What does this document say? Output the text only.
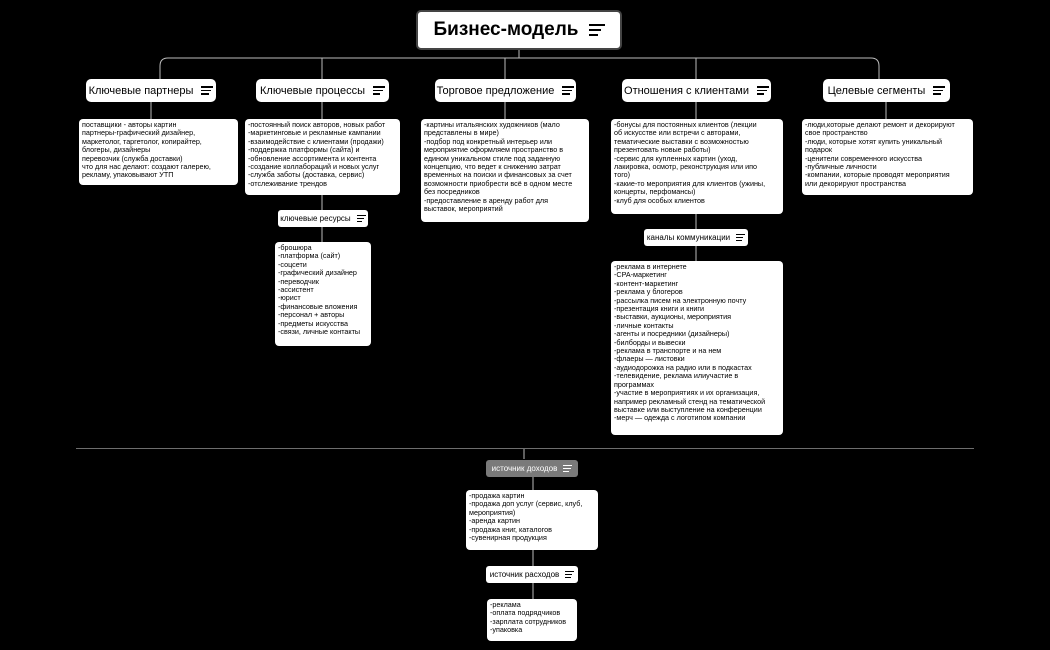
Бизнес-модель
Ключевые партнеры
поставщики - авторы картин
партнеры-графический дизайнер,
маркетолог, таргетолог, копирайтер,
блогеры, дизайнеры
перевозчик (служба доставки)
что для нас делают: создают галерею,
рекламу, упаковывают УТП
Ключевые процессы
-постоянный поиск авторов, новых работ
-маркетинговые и рекламные кампании
-взаимодействие с клиентами (продажи)
-поддержка платформы (сайта) и
-обновление ассортимента и контента
-создание коллабораций и новых услуг
-служба заботы (доставка, сервис)
-отслеживание трендов
ключевые ресурсы
-брошюра
-платформа (сайт)
-соцсети
-графический дизайнер
-переводчик
-ассистент
-юрист
-финансовые вложения
-персонал + авторы
-предметы искусства
-связи, личные контакты
Торговое предложение
-картины итальянских художников (мало
представлены в мире)
-подбор под конкретный интерьер или
мероприятие оформляем пространство в
едином уникальном стиле под заданную
концепцию, что ведет к снижению затрат
временных на поиски и финансовых за счет
возможности приобрести всё в одном месте
без посредников
-предоставление в аренду работ для
выставок, мероприятий
Отношения с клиентами
-бонусы для постоянных клиентов (лекции
об искусстве или встречи с авторами,
тематические выставки с возможностью
презентовать новые работы)
-сервис для купленных картин (уход,
лакировка, осмотр, реконструкция или ипо
того)
-какие-то мероприятия для клиентов (ужины,
концерты, перфомансы)
-клуб для особых клиентов
каналы коммуникации
-реклама в интернете
-CPA-маркетинг
-контент-маркетинг
-реклама у блогеров
-рассылка писем на электронную почту
-презентация книги и книги
-выставки, аукционы, мероприятия
-личные контакты
-агенты и посредники (дизайнеры)
-билборды и вывески
-реклама в транспорте и на нем
-флаеры — листовки
-аудиодорожка на радио или в подкастах
-телевидение, реклама илиучастие в
программах
-участие в мероприятиях и их организация,
например рекламный стенд на тематической
выставке или выступление на конференции
-мерч — одежда с логотипом компании
Целевые сегменты
-люди,которые делают ремонт и декорируют
свое пространство
-люди, которые хотят купить уникальный
подарок
-ценители современного искусства
-публичные личности
-компании, которые проводят мероприятия
или декорируют пространства
источник доходов
-продажа картин
-продажа доп услуг (сервис, клуб,
мероприятия)
-аренда картин
-продажа книг, каталогов
-сувенирная продукция
источник расходов
-реклама
-оплата подрядчиков
-зарплата сотрудников
-упаковка
